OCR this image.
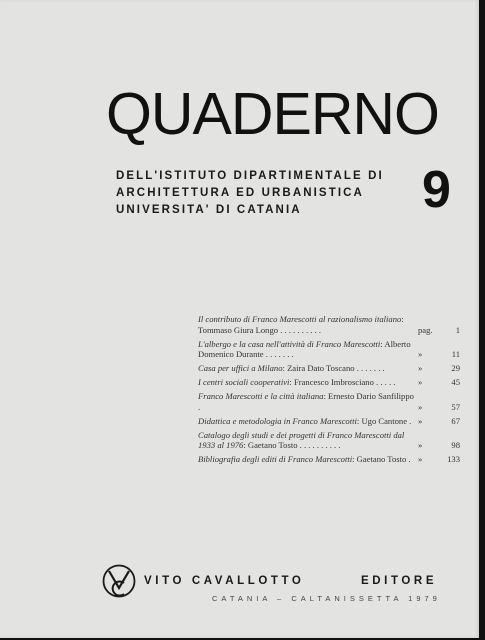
QUADERNO
DELL'ISTITUTO DIPARTIMENTALE DI
ARCHITETTURA ED URBANISTICA
UNIVERSITA' DI CATANIA	9
Il contributo di Franco Marescotti al razionalismo italiano: Tommaso Giura Longo . . . . . . . . . .	pag.	1
L'albergo e la casa nell'attività di Franco Marescotti: Alberto Domenico Durante . . . . . . .	»	11
Casa per uffici a Milano: Zaira Dato Toscano . . . . . . .	»	29
I centri sociali cooperativi: Francesco Imbrosciano . . . . .	»	45
Franco Marescotti e la città italiana: Ernesto Dario Sanfilippo .	»	57
Didattica e metodologia in Franco Marescotti: Ugo Cantone . »	67
Catalogo degli studi e dei progetti di Franco Marescotti dal 1933 al 1976: Gaetano Tosto . . . . . . . . . .	»	98
Bibliografia degli editi di Franco Marescotti: Gaetano Tosto . »	133
VITO CAVALLOTTO	EDITORE
CATANIA – CALTANISSETTA 1979
